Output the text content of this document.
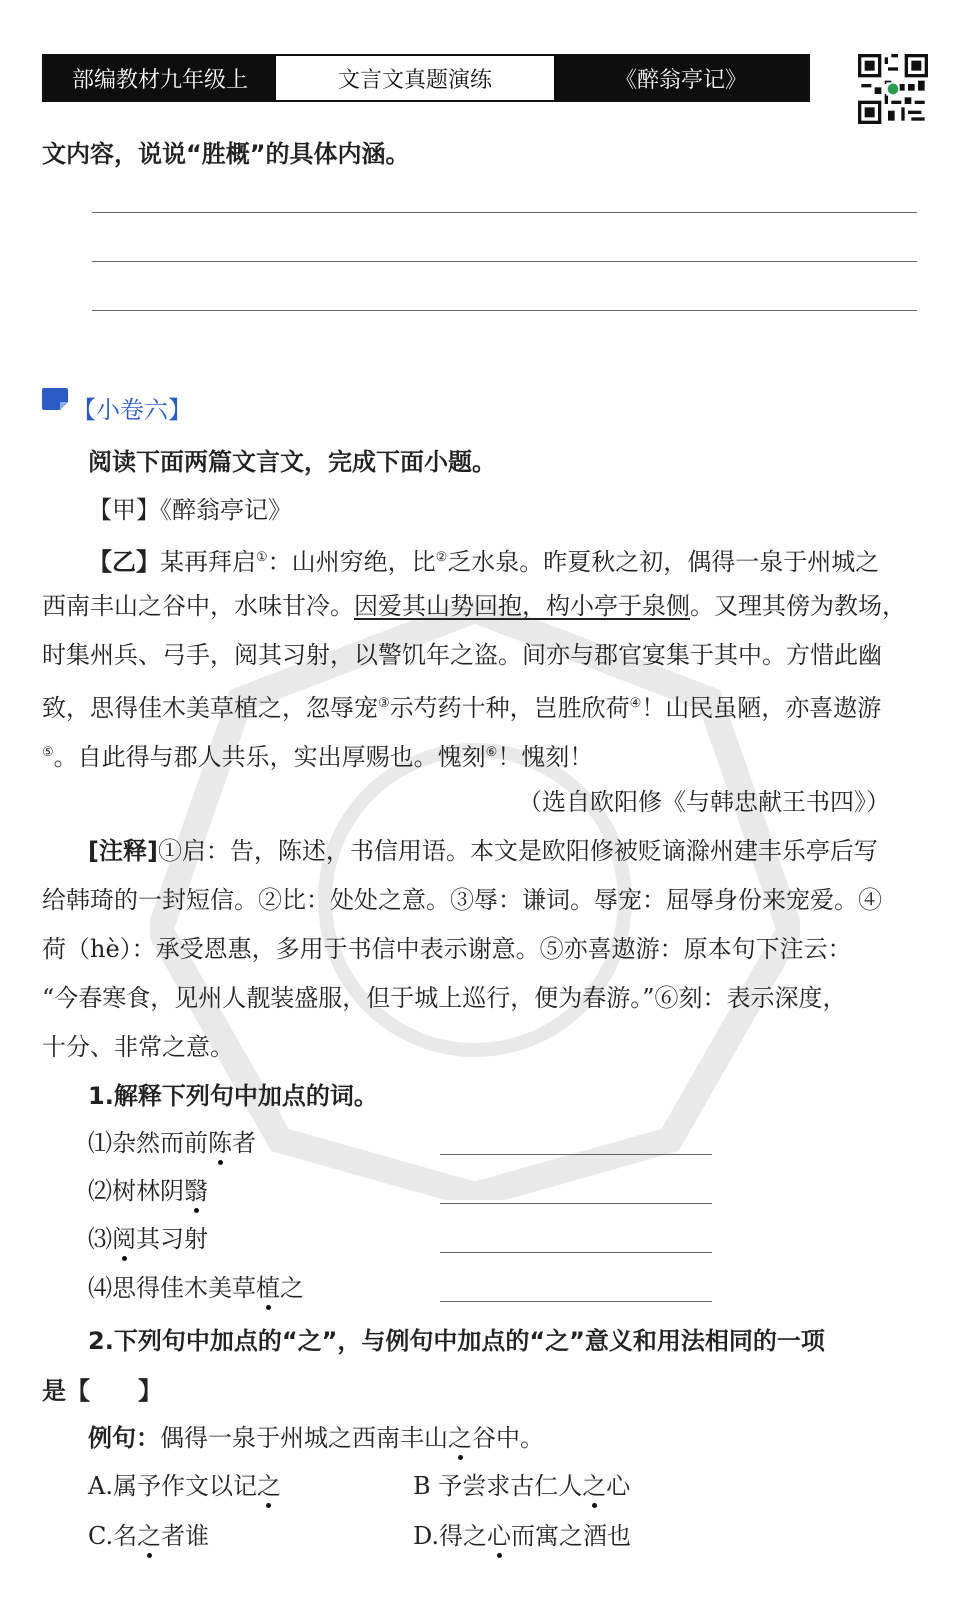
部编教材九年级上	文言文真题演练	《醉翁亭记》
文内容，说说“胜概”的具体内涵。
【小卷六】
阅读下面两篇文言文，完成下面小题。
【甲】《醉翁亭记》
【乙】某再拜启①：山州穷绝，比②乏水泉。昨夏秋之初，偶得一泉于州城之
西南丰山之谷中，水味甘冷。因爱其山势回抱，构小亭于泉侧。又理其傍为教场，
时集州兵、弓手，阅其习射，以警饥年之盗。间亦与郡官宴集于其中。方惜此幽
致，思得佳木美草植之，忽辱宠③示芍药十种，岂胜欣荷④！山民虽陋，亦喜遨游
⑤。自此得与郡人共乐，实出厚赐也。愧刻⑥！愧刻！
（选自欧阳修《与韩忠献王书四》）
[注释]①启：告，陈述，书信用语。本文是欧阳修被贬谪滁州建丰乐亭后写
给韩琦的一封短信。②比：处处之意。③辱：谦词。辱宠：屈辱身份来宠爱。④
荷（hè）：承受恩惠，多用于书信中表示谢意。⑤亦喜遨游：原本句下注云：
“今春寒食，见州人靓装盛服，但于城上巡行，便为春游。”⑥刻：表示深度，
十分、非常之意。
1.解释下列句中加点的词。
⑴杂然而前陈者
⑵树林阴翳
⑶阅其习射
⑷思得佳木美草植之
2.下列句中加点的“之”，与例句中加点的“之”意义和用法相同的一项
是【　　】
例句：偶得一泉于州城之西南丰山之谷中。
A.属予作文以记之	B 予尝求古仁人之心
C.名之者谁	D.得之心而寓之酒也
